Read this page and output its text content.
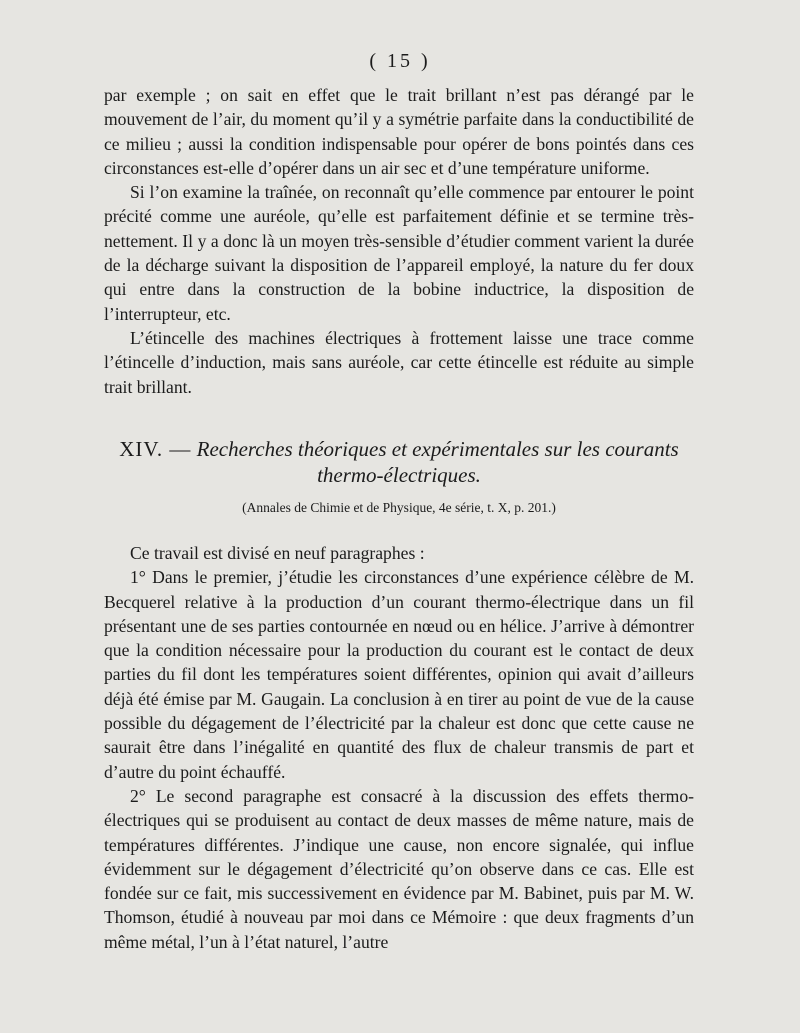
( 15 )

par exemple ; on sait en effet que le trait brillant n’est pas dérangé par le mouvement de l’air, du moment qu’il y a symétrie parfaite dans la conductibilité de ce milieu ; aussi la condition indispensable pour opérer de bons pointés dans ces circonstances est-elle d’opérer dans un air sec et d’une température uniforme.

Si l’on examine la traînée, on reconnaît qu’elle commence par entourer le point précité comme une auréole, qu’elle est parfaitement définie et se termine très-nettement. Il y a donc là un moyen très-sensible d’étudier comment varient la durée de la décharge suivant la disposition de l’appareil employé, la nature du fer doux qui entre dans la construction de la bobine inductrice, la disposition de l’interrupteur, etc.

L’étincelle des machines électriques à frottement laisse une trace comme l’étincelle d’induction, mais sans auréole, car cette étincelle est réduite au simple trait brillant.

XIV. — Recherches théoriques et expérimentales sur les courants thermo-électriques.
(Annales de Chimie et de Physique, 4e série, t. X, p. 201.)

Ce travail est divisé en neuf paragraphes :

1° Dans le premier, j’étudie les circonstances d’une expérience célèbre de M. Becquerel relative à la production d’un courant thermo-électrique dans un fil présentant une de ses parties contournée en nœud ou en hélice. J’arrive à démontrer que la condition nécessaire pour la production du courant est le contact de deux parties du fil dont les températures soient différentes, opinion qui avait d’ailleurs déjà été émise par M. Gaugain. La conclusion à en tirer au point de vue de la cause possible du dégagement de l’électricité par la chaleur est donc que cette cause ne saurait être dans l’inégalité en quantité des flux de chaleur transmis de part et d’autre du point échauffé.

2° Le second paragraphe est consacré à la discussion des effets thermo-électriques qui se produisent au contact de deux masses de même nature, mais de températures différentes. J’indique une cause, non encore signalée, qui influe évidemment sur le dégagement d’électricité qu’on observe dans ce cas. Elle est fondée sur ce fait, mis successivement en évidence par M. Babinet, puis par M. W. Thomson, étudié à nouveau par moi dans ce Mémoire : que deux fragments d’un même métal, l’un à l’état naturel, l’autre
